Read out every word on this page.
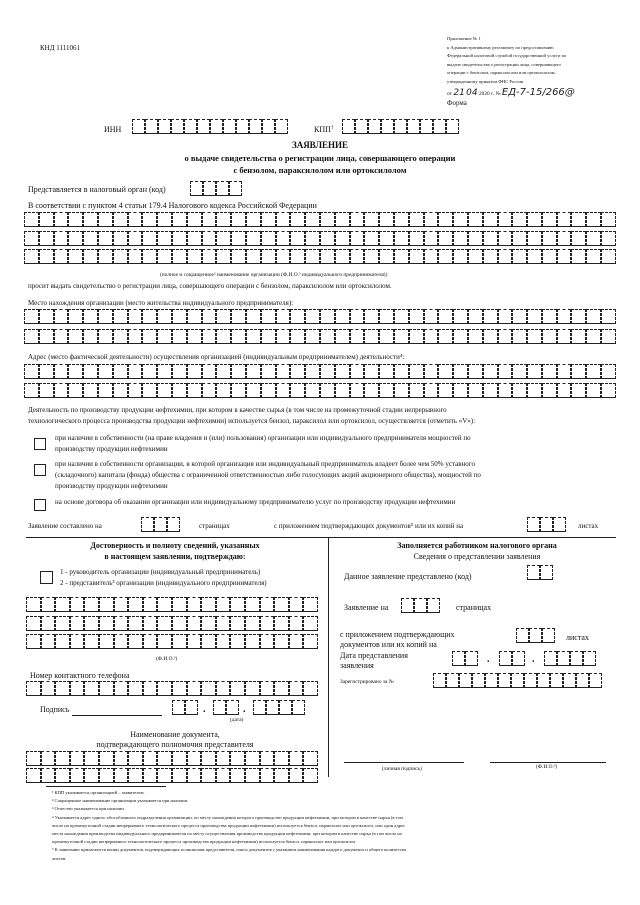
КНД 1111061
Приложение № 1
к Административному регламенту по предоставлению
Федеральной налоговой службой государственной услуги по
выдаче свидетельства о регистрации лица, совершающего
операции с бензолом, параксилолом или ортоксилолом,
утвержденному приказом ФНС России
от 21 04 2020 г. № ЕД-7-15/266@
Форма
ИНН	КПП$^1$
ЗАЯВЛЕНИЕ
о выдаче свидетельства о регистрации лица, совершающего операции
с бензолом, параксилолом или ортоксилолом
Представляется в налоговый орган (код)
В соответствии с пунктом 4 статьи 179.4 Налогового кодекса Российской Федерации
(полное и сокращенное² наименование организации (Ф.И.О.³ индивидуального предпринимателя))
просит выдать свидетельство о регистрации лица, совершающего операции с бензолом, параксилолом или ортоксилолом.
Место нахождения организации (место жительства индивидуального предпринимателя):
Адрес (место фактической деятельности) осуществления организацией (индивидуальным предпринимателем) деятельности⁴:
Деятельность по производству продукции нефтехимии, при котором в качестве сырья (в том числе на промежуточной стадии непрерывного
технологического процесса производства продукции нефтехимии) используется бензол, параксилол или ортоксилол, осуществляется (отметить «V»):
при наличии в собственности (на праве владения и (или) пользования) организации или индивидуального предпринимателя мощностей по
производству продукции нефтехимии
при наличии в собственности организации, в которой организация или индивидуальный предприниматель владеет более чем 50% уставного
(складочного) капитала (фонда) общества с ограниченной ответственностью либо голосующих акций акционерного общества), мощностей по
производству продукции нефтехимии
на основе договора об оказании организации или индивидуальному предпринимателю услуг по производству продукции нефтехимии
Заявление составлено на	страницах	с приложением подтверждающих документов⁵ или их копий на	листах
Достоверность и полноту сведений, указанных
в настоящем заявлении, подтверждаю:
1 - руководитель организации (индивидуальный предприниматель)
2 - представитель³ организации (индивидуального предпринимателя)
(Ф.И.О.³)
Номер контактного телефона
Подпись	.	.
(дата)
Наименование документа,
подтверждающего полномочия представителя
Заполняется работником налогового органа
Сведения о представлении заявления
Данное заявление представлено (код)
Заявление на	страницах
с приложением подтверждающих
документов или их копий на
листах
Дата представления
заявления
.	.
Зарегистрировано за №
(личная подпись)	(Ф.И.О.³)
¹ КПП указывается организацией – заявителем.
² Сокращенное наименование организации указывается при наличии.
³ Отчество указывается при наличии.
⁴ Указывается адрес одного обособленного подразделения организации, по месту нахождения которого производство продукции нефтехимии, при котором в качестве сырья (в том
числе на промежуточной стадии непрерывного технологического процесса производства продукции нефтехимии) используется бензол, параксилол или ортоксилол, или один адрес
места нахождения производства индивидуального предпринимателя по месту осуществления производства продукции нефтехимии, при котором в качестве сырья (в том числе на
промежуточной стадии непрерывного технологического процесса производства продукции нефтехимии) используется бензол, параксилол или ортоксилол.
⁵ К заявлению прилагаются копии документов, подтверждающих полномочия представителя, опись документов с указанием наименования каждого документа и общего количества
листов.
